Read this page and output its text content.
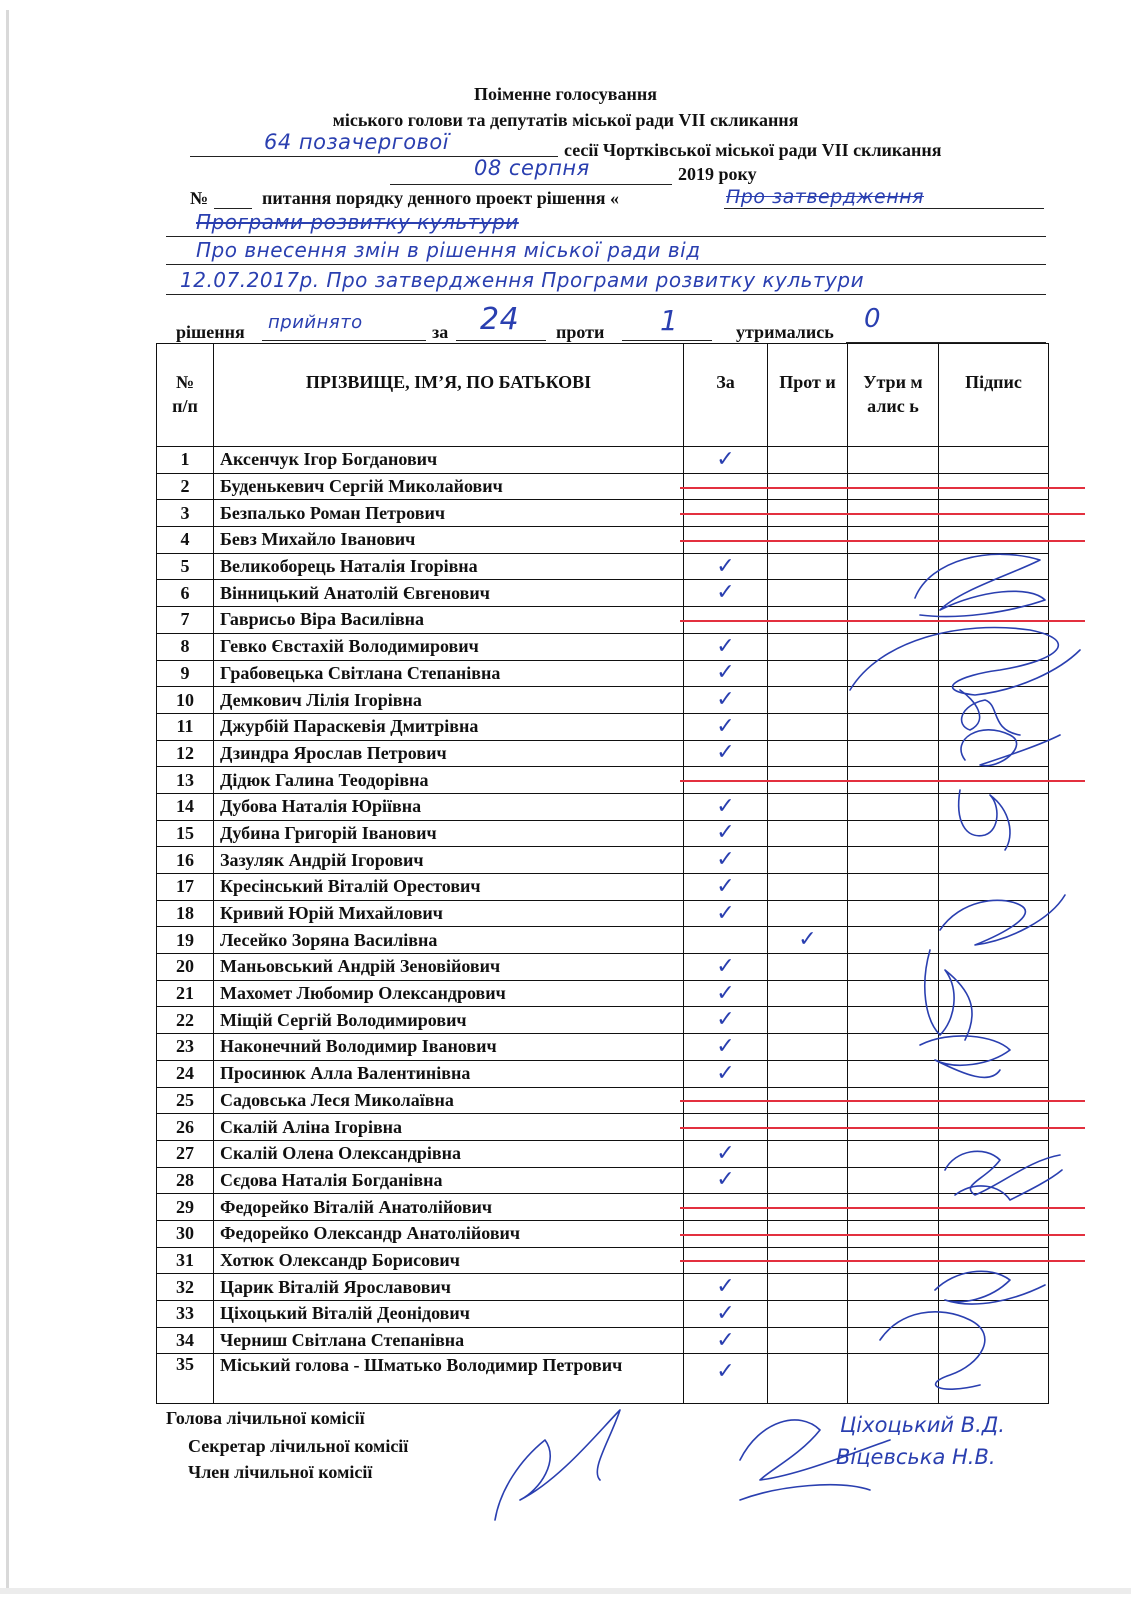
Поіменне голосування
міського голови та депутатів міської ради VII скликання
64 позачергової	сесії Чортківської міської ради VII скликання
08 серпня	2019 року
№	питання порядку денного проект рішення «	Про затвердження
Програми розвитку культури
Про внесення змін в рішення міської ради від
12.07.2017р. Про затвердження Програми розвитку культури
рішення прийнято	за 24 проти 1	утримались 0
№ п/п	ПРІЗВИЩЕ, ІМ’Я, ПО БАТЬКОВІ	За	Прот и	Утри малис ь	Підпис
1	Аксенчук Ігор Богданович	✓			

2	Буденькевич Сергій Миколайович				
3	Безпалько Роман Петрович				
4	Бевз Михайло Іванович				
5	Великоборець Наталія Ігорівна	✓			

6	Вінницький Анатолій Євгенович	✓			

7	Гаврисьо Віра Василівна				
8	Гевко Євстахій Володимирович	✓			

9	Грабовецька Світлана Степанівна	✓			

10	Демкович Лілія Ігорівна	✓			

11	Джурбій Параскевія Дмитрівна	✓			

12	Дзиндра Ярослав Петрович	✓			

13	Дідюк Галина Теодорівна				
14	Дубова Наталія Юріївна	✓			

15	Дубина Григорій Іванович	✓			

16	Зазуляк Андрій Ігорович	✓			

17	Кресінський Віталій Орестович	✓			

18	Кривий Юрій Михайлович	✓			

19	Лесейко Зоряна Василівна		✓		

20	Маньовський Андрій Зеновійович	✓			

21	Махомет Любомир Олександрович	✓			

22	Міщій Сергій Володимирович	✓			

23	Наконечний Володимир Іванович	✓			

24	Просинюк Алла Валентинівна	✓			

25	Садовська Леся Миколаївна				
26	Скалій Аліна Ігорівна				
27	Скалій Олена Олександрівна	✓			

28	Сєдова Наталія Богданівна	✓			

29	Федорейко Віталій Анатолійович				
30	Федорейко Олександр Анатолійович				
31	Хотюк Олександр Борисович				
32	Царик Віталій Ярославович	✓			

33	Ціхоцький Віталій Деонідович	✓			

34	Черниш Світлана Степанівна	✓			

35	Міський голова - Шматько Володимир Петрович	✓			

Ціхоцький В.Д.
Віцевська Н.В.
Голова лічильної комісії
Секретар лічильної комісії
Член лічильної комісії
